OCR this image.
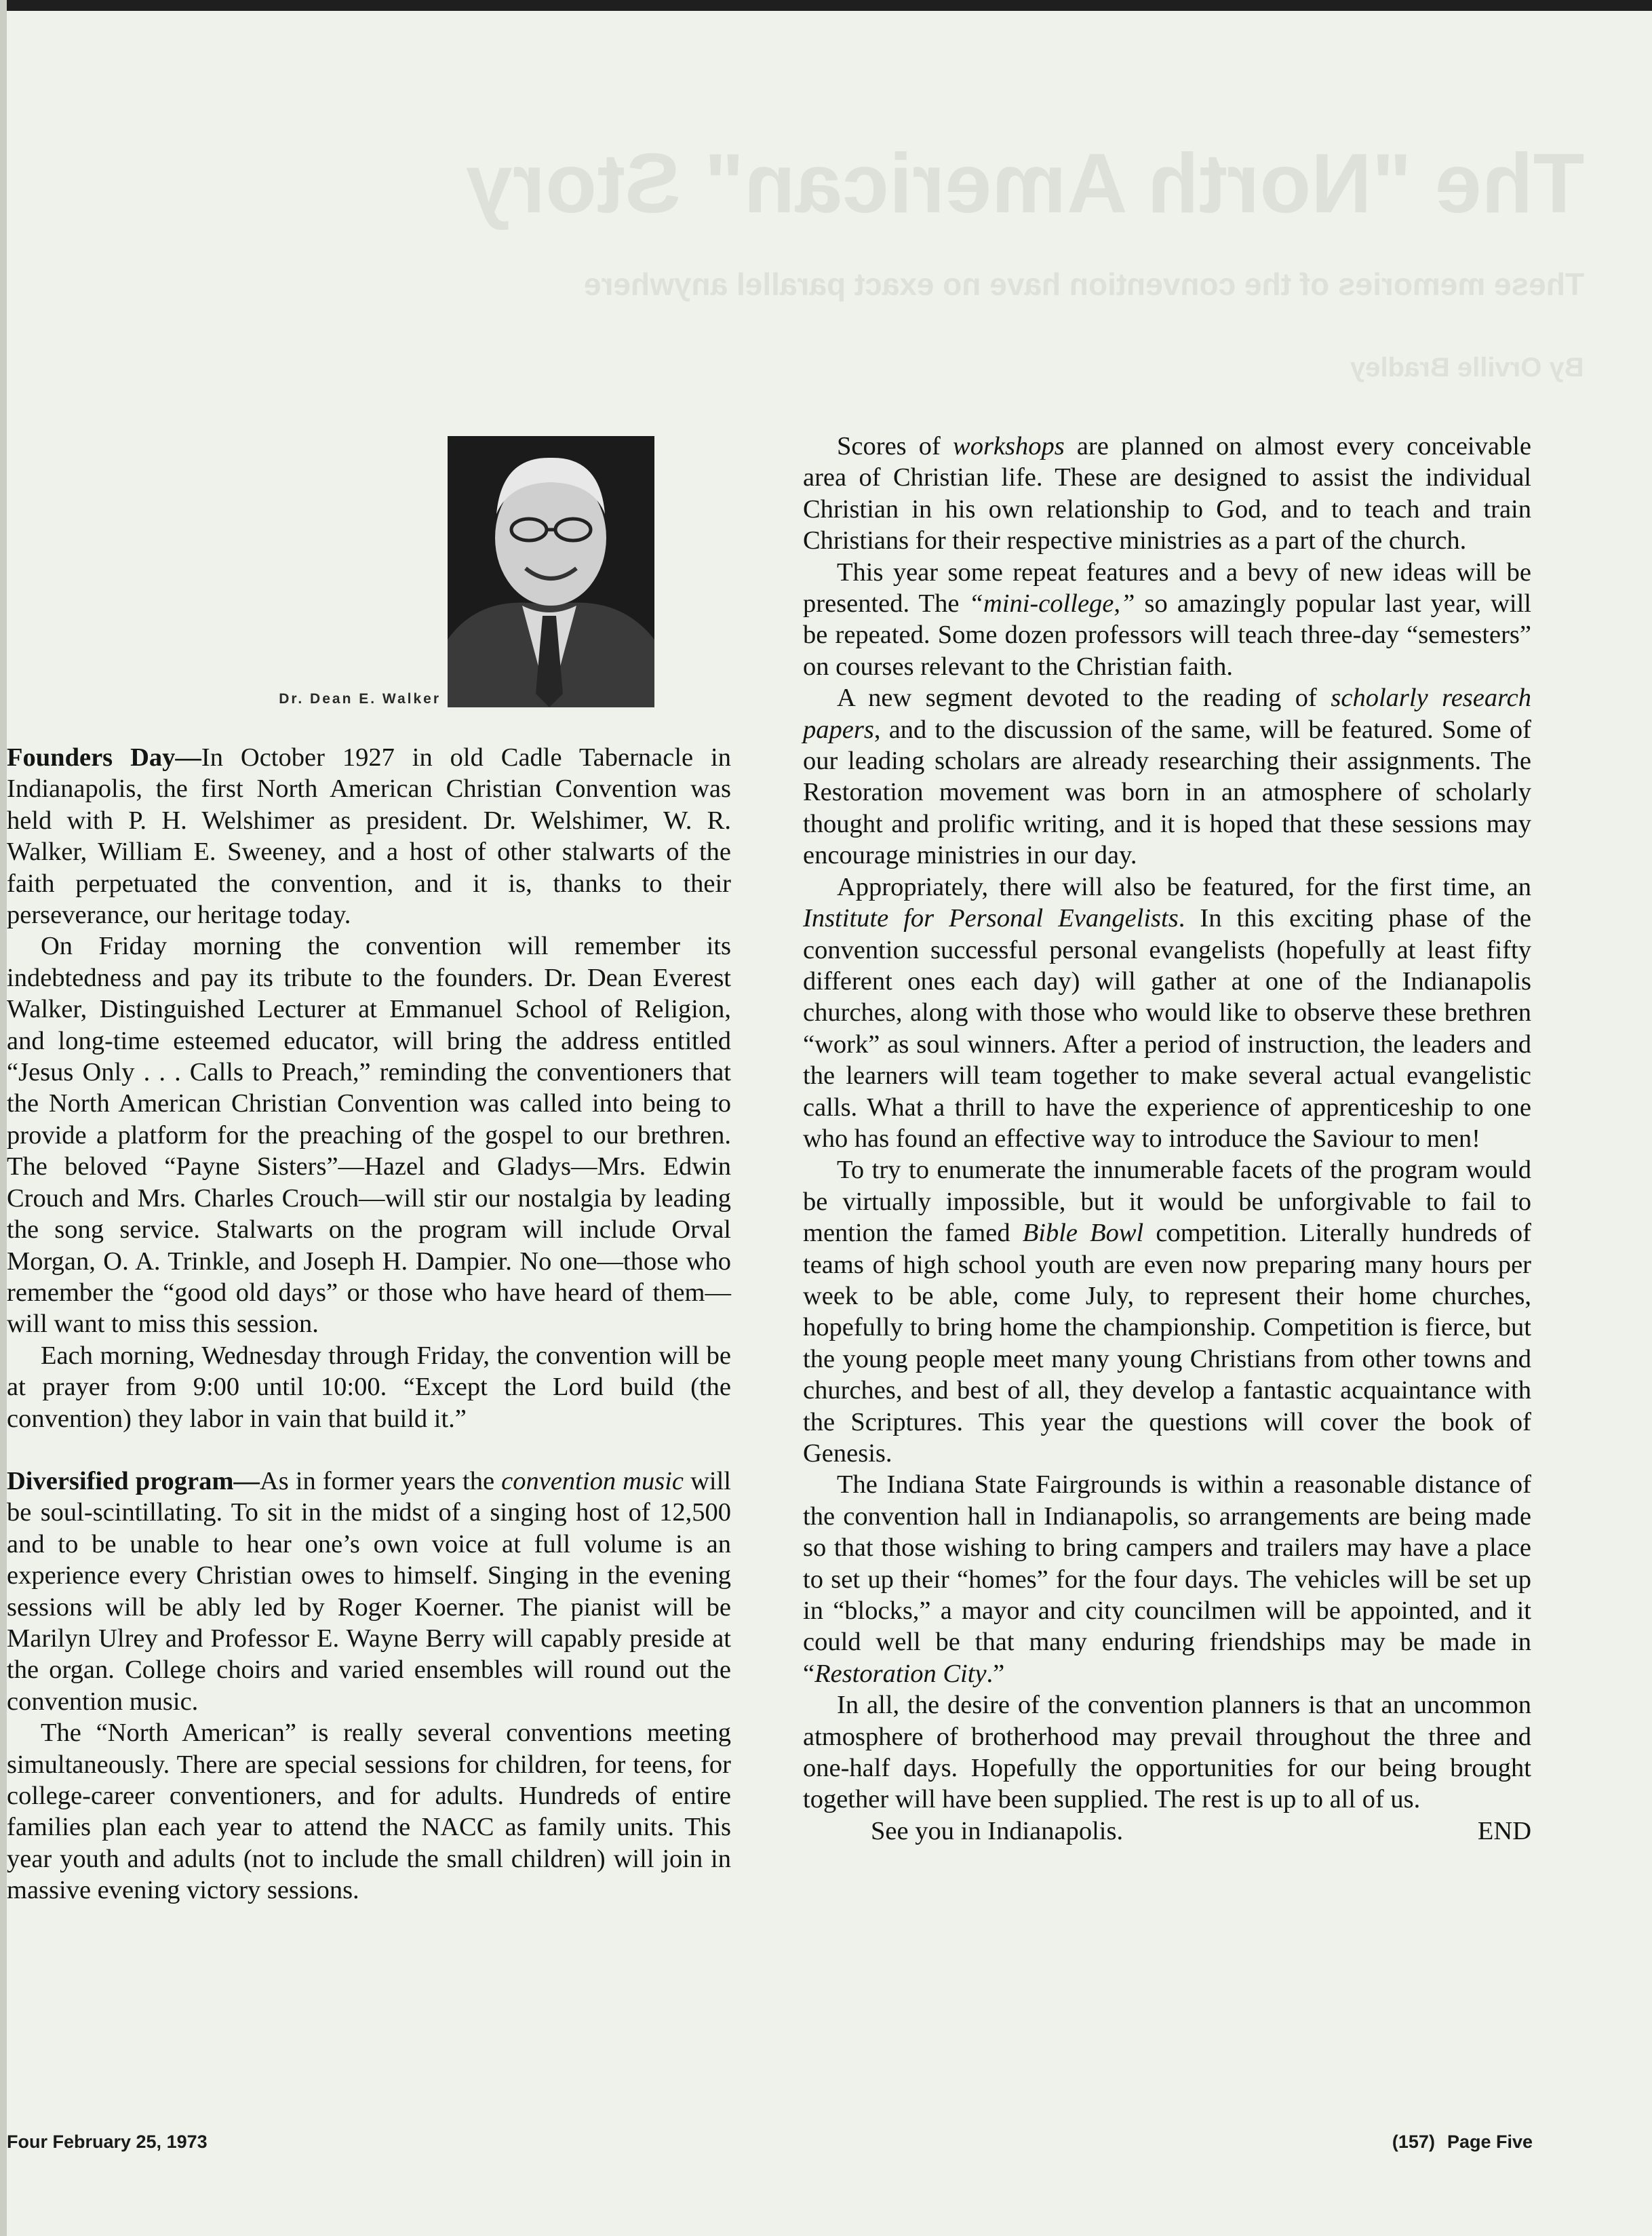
The "North American" Story

These memories of the convention have no exact parallel anywhere

By Orville Bradley

Dr. Dean E. Walker

Founders Day—In October 1927 in old Cadle Tabernacle in Indianapolis, the first North American Christian Convention was held with P. H. Welshimer as president. Dr. Welshimer, W. R. Walker, William E. Sweeney, and a host of other stalwarts of the faith perpetuated the convention, and it is, thanks to their perseverance, our heritage today.

On Friday morning the convention will remember its indebtedness and pay its tribute to the founders. Dr. Dean Everest Walker, Distinguished Lecturer at Emmanuel School of Religion, and long-time esteemed educator, will bring the address entitled “Jesus Only . . . Calls to Preach,” reminding the conventioners that the North American Christian Convention was called into being to provide a platform for the preaching of the gospel to our brethren. The beloved “Payne Sisters”—Hazel and Gladys—Mrs. Edwin Crouch and Mrs. Charles Crouch—will stir our nostalgia by leading the song service. Stalwarts on the program will include Orval Morgan, O. A. Trinkle, and Joseph H. Dampier. No one—those who remember the “good old days” or those who have heard of them—will want to miss this session.

Each morning, Wednesday through Friday, the convention will be at prayer from 9:00 until 10:00. “Except the Lord build (the convention) they labor in vain that build it.”

Diversified program—As in former years the convention music will be soul-scintillating. To sit in the midst of a singing host of 12,500 and to be unable to hear one’s own voice at full volume is an experience every Christian owes to himself. Singing in the evening sessions will be ably led by Roger Koerner. The pianist will be Marilyn Ulrey and Professor E. Wayne Berry will capably preside at the organ. College choirs and varied ensembles will round out the convention music.

The “North American” is really several conventions meeting simultaneously. There are special sessions for children, for teens, for college-career conventioners, and for adults. Hundreds of entire families plan each year to attend the NACC as family units. This year youth and adults (not to include the small children) will join in massive evening victory sessions.

Scores of workshops are planned on almost every conceivable area of Christian life. These are designed to assist the individual Christian in his own relationship to God, and to teach and train Christians for their respective ministries as a part of the church.

This year some repeat features and a bevy of new ideas will be presented. The “mini-college,” so amazingly popular last year, will be repeated. Some dozen professors will teach three-day “semesters” on courses relevant to the Christian faith.

A new segment devoted to the reading of scholarly research papers, and to the discussion of the same, will be featured. Some of our leading scholars are already researching their assignments. The Restoration movement was born in an atmosphere of scholarly thought and prolific writing, and it is hoped that these sessions may encourage ministries in our day.

Appropriately, there will also be featured, for the first time, an Institute for Personal Evangelists. In this exciting phase of the convention successful personal evangelists (hopefully at least fifty different ones each day) will gather at one of the Indianapolis churches, along with those who would like to observe these brethren “work” as soul winners. After a period of instruction, the leaders and the learners will team together to make several actual evangelistic calls. What a thrill to have the experience of apprenticeship to one who has found an effective way to introduce the Saviour to men!

To try to enumerate the innumerable facets of the program would be virtually impossible, but it would be unforgivable to fail to mention the famed Bible Bowl competition. Literally hundreds of teams of high school youth are even now preparing many hours per week to be able, come July, to represent their home churches, hopefully to bring home the championship. Competition is fierce, but the young people meet many young Christians from other towns and churches, and best of all, they develop a fantastic acquaintance with the Scriptures. This year the questions will cover the book of Genesis.

The Indiana State Fairgrounds is within a reasonable distance of the convention hall in Indianapolis, so arrangements are being made so that those wishing to bring campers and trailers may have a place to set up their “homes” for the four days. The vehicles will be set up in “blocks,” a mayor and city councilmen will be appointed, and it could well be that many enduring friendships may be made in “Restoration City.”

In all, the desire of the convention planners is that an uncommon atmosphere of brotherhood may prevail throughout the three and one-half days. Hopefully the opportunities for our being brought together will have been supplied. The rest is up to all of us.

See you in Indianapolis.	END
Four February 25, 1973	(157) Page Five
